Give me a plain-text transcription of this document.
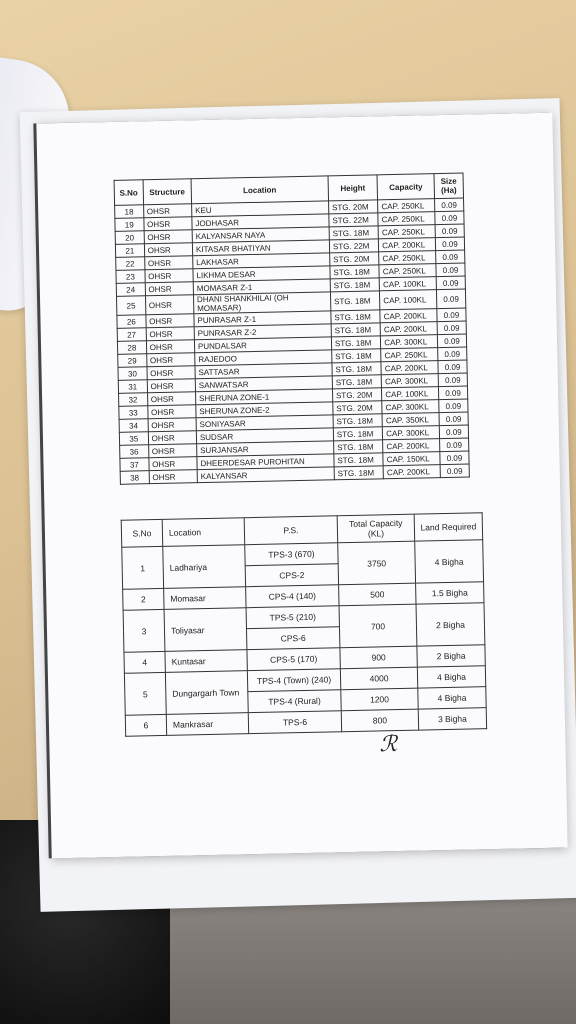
S.No	Structure	Location	Height	Capacity	Size (Ha)
18	OHSR	KEU	STG. 20M	CAP. 250KL	0.09
19	OHSR	JODHASAR	STG. 22M	CAP. 250KL	0.09
20	OHSR	KALYANSAR NAYA	STG. 18M	CAP. 250KL	0.09
21	OHSR	KITASAR BHATIYAN	STG. 22M	CAP. 200KL	0.09
22	OHSR	LAKHASAR	STG. 20M	CAP. 250KL	0.09
23	OHSR	LIKHMA DESAR	STG. 18M	CAP. 250KL	0.09
24	OHSR	MOMASAR Z-1	STG. 18M	CAP. 100KL	0.09
25	OHSR	DHANI SHANKHILAI (OH MOMASAR)	STG. 18M	CAP. 100KL	0.09
26	OHSR	PUNRASAR Z-1	STG. 18M	CAP. 200KL	0.09
27	OHSR	PUNRASAR Z-2	STG. 18M	CAP. 200KL	0.09
28	OHSR	PUNDALSAR	STG. 18M	CAP. 300KL	0.09
29	OHSR	RAJEDOO	STG. 18M	CAP. 250KL	0.09
30	OHSR	SATTASAR	STG. 18M	CAP. 200KL	0.09
31	OHSR	SANWATSAR	STG. 18M	CAP. 300KL	0.09
32	OHSR	SHERUNA ZONE-1	STG. 20M	CAP. 100KL	0.09
33	OHSR	SHERUNA ZONE-2	STG. 20M	CAP. 300KL	0.09
34	OHSR	SONIYASAR	STG. 18M	CAP. 350KL	0.09
35	OHSR	SUDSAR	STG. 18M	CAP. 300KL	0.09
36	OHSR	SURJANSAR	STG. 18M	CAP. 200KL	0.09
37	OHSR	DHEERDESAR PUROHITAN	STG. 18M	CAP. 150KL	0.09
38	OHSR	KALYANSAR	STG. 18M	CAP. 200KL	0.09
S.No	Location	P.S.	Total Capacity (KL)	Land Required
1	Ladhariya	TPS-3 (670)	3750	4 Bigha
		CPS-2		
2	Momasar	CPS-4 (140)	500	1.5 Bigha
3	Toliyasar	TPS-5 (210)	700	2 Bigha
		CPS-6		
4	Kuntasar	CPS-5 (170)	900	2 Bigha
5	Dungargarh Town	TPS-4 (Town) (240)	4000	4 Bigha
		TPS-4 (Rural)	1200	4 Bigha
6	Mankrasar	TPS-6	800	3 Bigha
ℛ
